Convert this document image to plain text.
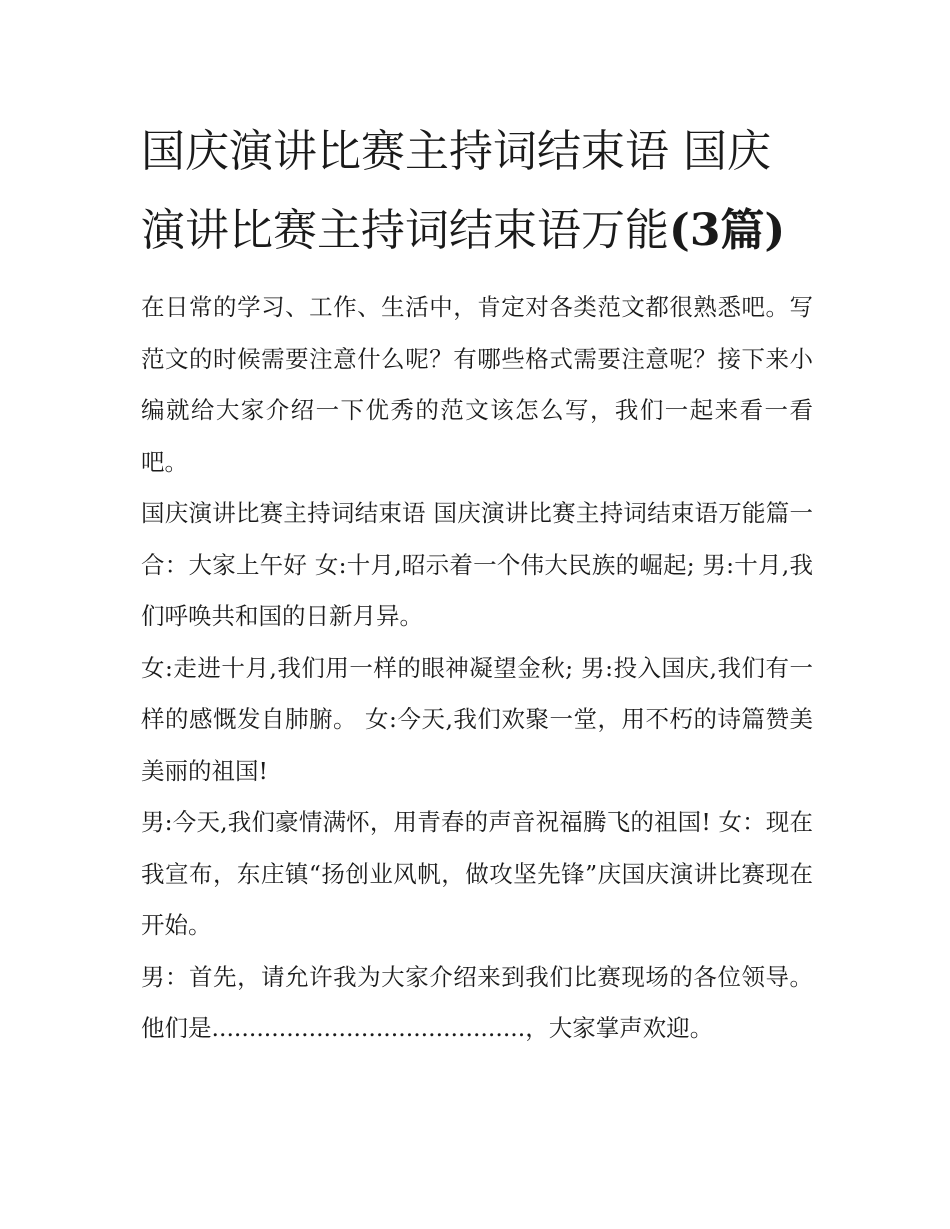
国庆演讲比赛主持词结束语 国庆演讲比赛主持词结束语万能(3篇)

在日常的学习、工作、生活中，肯定对各类范文都很熟悉吧。写范文的时候需要注意什么呢？有哪些格式需要注意呢？接下来小编就给大家介绍一下优秀的范文该怎么写，我们一起来看一看吧。

国庆演讲比赛主持词结束语 国庆演讲比赛主持词结束语万能篇一 合：大家上午好 女:十月,昭示着一个伟大民族的崛起; 男:十月,我们呼唤共和国的日新月异。

女:走进十月,我们用一样的眼神凝望金秋; 男:投入国庆,我们有一样的感慨发自肺腑。 女:今天,我们欢聚一堂，用不朽的诗篇赞美美丽的祖国!

男:今天,我们豪情满怀，用青春的声音祝福腾飞的祖国! 女：现在我宣布，东庄镇“扬创业风帆，做攻坚先锋”庆国庆演讲比赛现在开始。

男：首先，请允许我为大家介绍来到我们比赛现场的各位领导。他们是..........................................，大家掌声欢迎。
